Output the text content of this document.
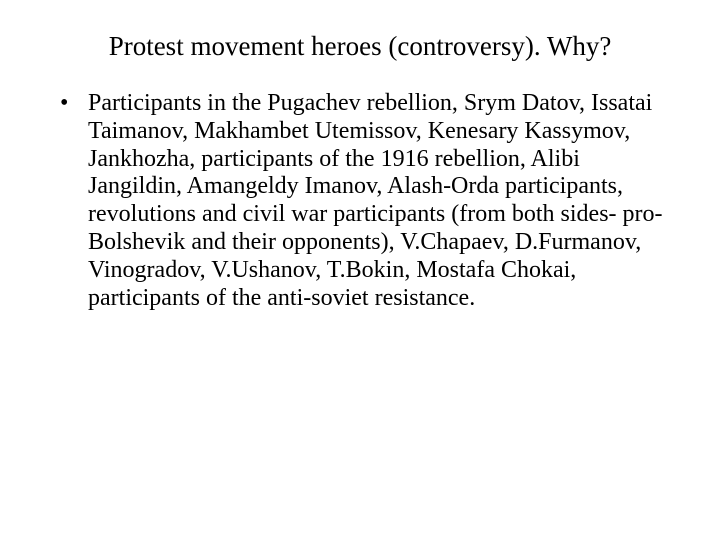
Protest movement heroes (controversy). Why?
• Participants in the Pugachev rebellion, Srym Datov, Issatai Taimanov, Makhambet Utemissov, Kenesary Kassymov, Jankhozha, participants of the 1916 rebellion, Alibi Jangildin, Amangeldy Imanov, Alash-Orda participants, revolutions and civil war participants (from both sides- pro-Bolshevik and their opponents), V.Chapaev, D.Furmanov, Vinogradov, V.Ushanov, T.Bokin, Mostafa Chokai, participants of the anti-soviet resistance.
